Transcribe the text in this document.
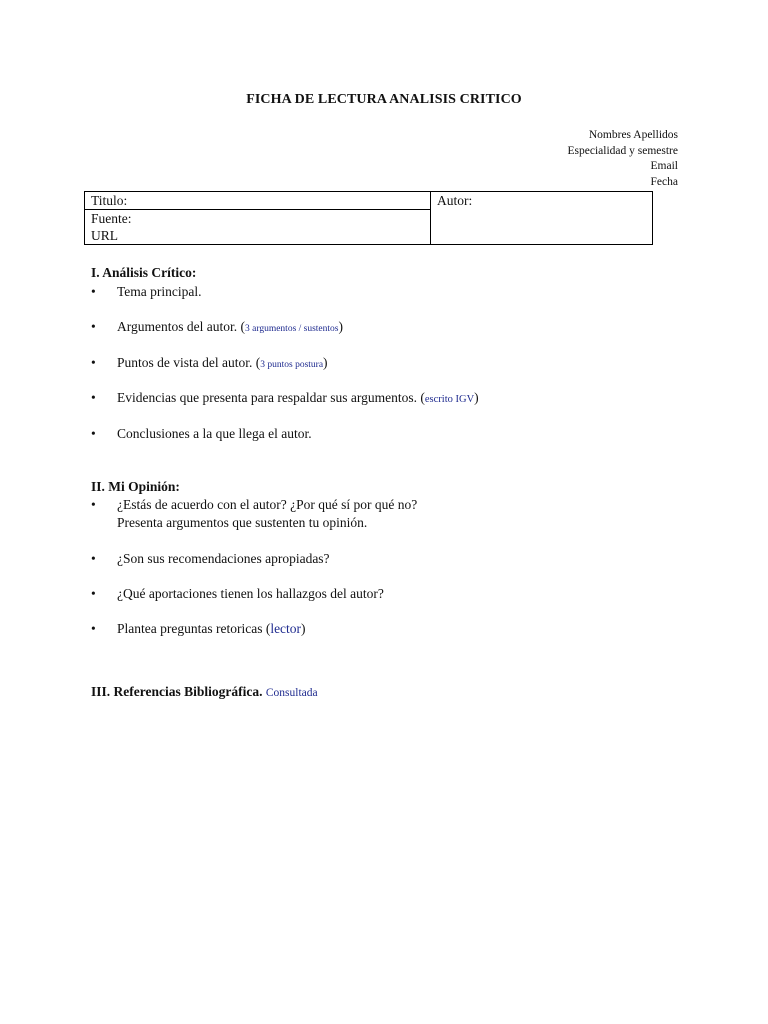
FICHA DE LECTURA ANALISIS CRITICO
Nombres Apellidos
Especialidad y semestre
Email
Fecha
Titulo:	Autor:

Fuente:
URL
I. Análisis Crítico:
• Tema principal.
• Argumentos del autor. (3 argumentos / sustentos)
• Puntos de vista del autor. (3 puntos postura)
• Evidencias que presenta para respaldar sus argumentos. (escrito IGV)
• Conclusiones a la que llega el autor.
II. Mi Opinión:
• ¿Estás de acuerdo con el autor? ¿Por qué sí por qué no?
Presenta argumentos que sustenten tu opinión.
• ¿Son sus recomendaciones apropiadas?
• ¿Qué aportaciones tienen los hallazgos del autor?
• Plantea preguntas retoricas (lector)
III. Referencias Bibliográfica. Consultada
